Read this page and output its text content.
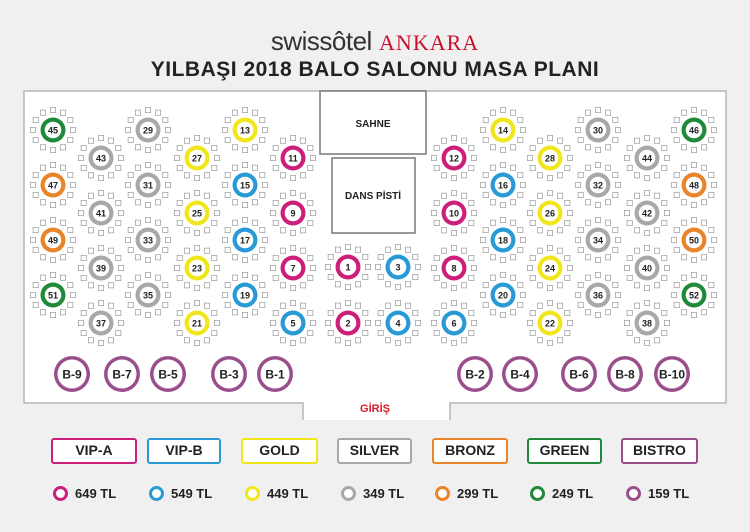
swissôtel ANKARA
YILBAŞI 2018 BALO SALONU MASA PLANI
SAHNE
DANS PİSTİ
GİRİŞ
45
47
49
51
43
41
39
37
29
31
33
35
27
25
23
21
13
15
17
19
11
9
7
5
1
2
3
4
12
10
8
6
14
16
18
20
28
26
24
22
30
32
34
36
44
42
40
38
46
48
50
52
B-9	B-7 B-5	B-3 B-1	B-2 B-4	B-6 B-8 B-10
VIP-A	VIP-B	GOLD	SILVER	BRONZ	GREEN	BISTRO
649 TL	549 TL	449 TL	349 TL	299 TL	249 TL	159 TL
